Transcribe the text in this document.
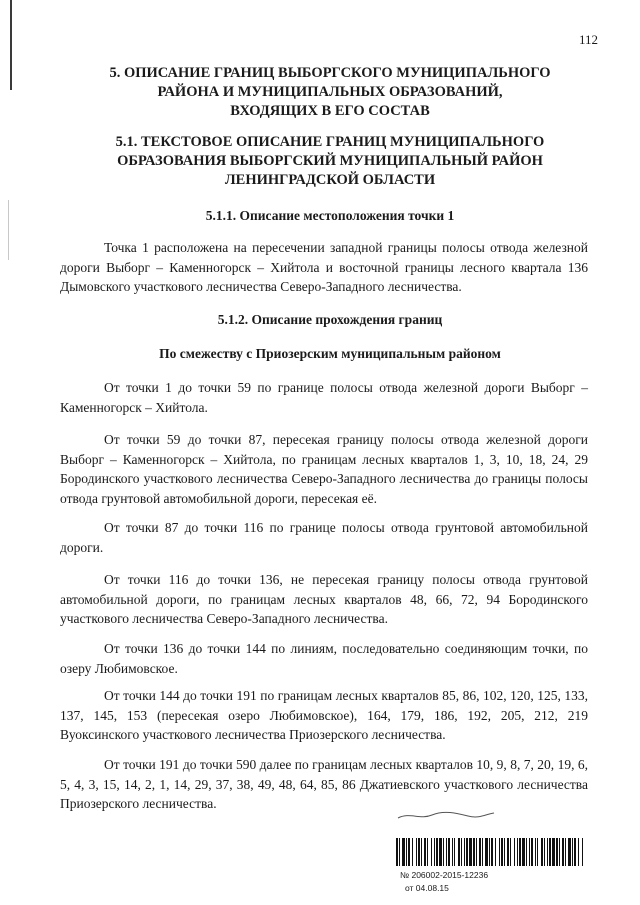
112
5. ОПИСАНИЕ ГРАНИЦ ВЫБОРГСКОГО МУНИЦИПАЛЬНОГО
РАЙОНА И МУНИЦИПАЛЬНЫХ ОБРАЗОВАНИЙ,
ВХОДЯЩИХ В ЕГО СОСТАВ
5.1. ТЕКСТОВОЕ ОПИСАНИЕ ГРАНИЦ МУНИЦИПАЛЬНОГО
ОБРАЗОВАНИЯ ВЫБОРГСКИЙ МУНИЦИПАЛЬНЫЙ РАЙОН
ЛЕНИНГРАДСКОЙ ОБЛАСТИ
5.1.1. Описание местоположения точки 1
Точка 1 расположена на пересечении западной границы полосы отвода железной дороги Выборг – Каменногорск – Хийтола и восточной границы лесного квартала 136 Дымовского участкового лесничества Северо-Западного лесничества.
5.1.2. Описание прохождения границ
По смежеству с Приозерским муниципальным районом
От точки 1 до точки 59 по границе полосы отвода железной дороги Выборг – Каменногорск – Хийтола.
От точки 59 до точки 87, пересекая границу полосы отвода железной дороги Выборг – Каменногорск – Хийтола, по границам лесных кварталов 1, 3, 10, 18, 24, 29 Бородинского участкового лесничества Северо-Западного лесничества до границы полосы отвода грунтовой автомобильной дороги, пересекая её.
От точки 87 до точки 116 по границе полосы отвода грунтовой автомобильной дороги.
От точки 116 до точки 136, не пересекая границу полосы отвода грунтовой автомобильной дороги, по границам лесных кварталов 48, 66, 72, 94 Бородинского участкового лесничества Северо-Западного лесничества.
От точки 136 до точки 144 по линиям, последовательно соединяющим точки, по озеру Любимовское.
От точки 144 до точки 191 по границам лесных кварталов 85, 86, 102, 120, 125, 133, 137, 145, 153 (пересекая озеро Любимовское), 164, 179, 186, 192, 205, 212, 219 Вуоксинского участкового лесничества Приозерского лесничества.
От точки 191 до точки 590 далее по границам лесных кварталов 10, 9, 8, 7, 20, 19, 6, 5, 4, 3, 15, 14, 2, 1, 14, 29, 37, 38, 49, 48, 64, 85, 86 Джатиевского участкового лесничества Приозерского лесничества.
№ 206002-2015-12236
от 04.08.15
